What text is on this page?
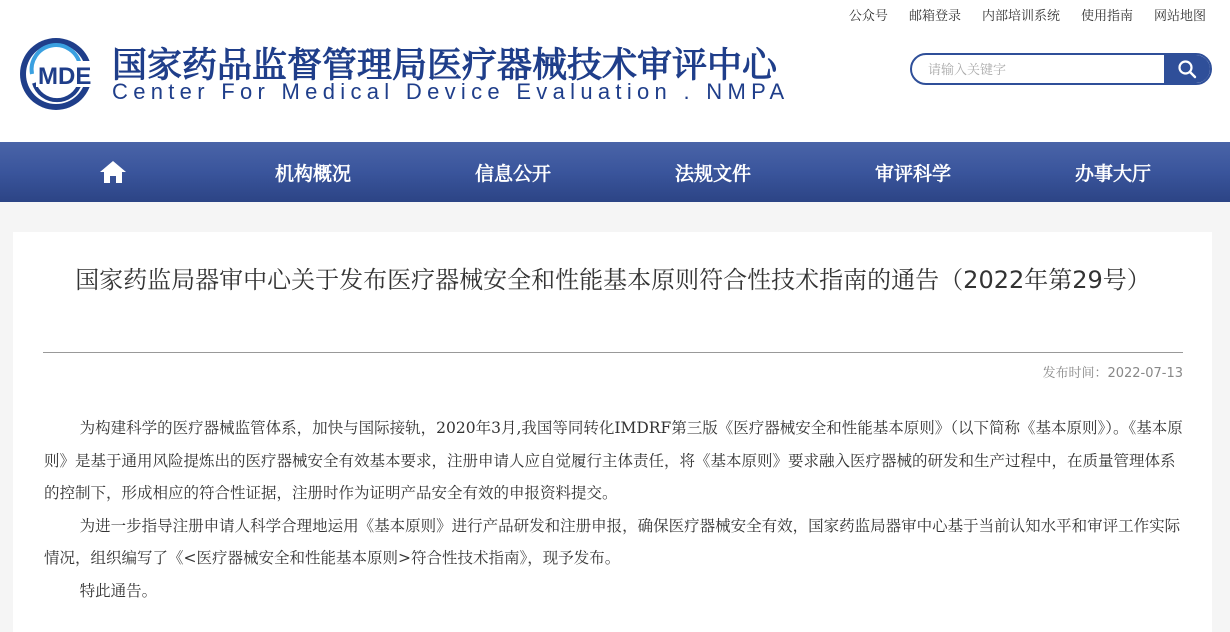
公众号 邮箱登录 内部培训系统 使用指南 网站地图
MDE 国家药品监督管理局医疗器械技术审评中心
Center For Medical Device Evaluation . NMPA
请输入关键字
机构概况	信息公开	法规文件	审评科学	办事大厅
国家药监局器审中心关于发布医疗器械安全和性能基本原则符合性技术指南的通告（2022年第29号）
发布时间：2022-07-13

为构建科学的医疗器械监管体系，加快与国际接轨，2020年3月,我国等同转化IMDRF第三版《医疗器械安全和性能基本原则》（以下简称《基本原则》）。《基本原则》是基于通用风险提炼出的医疗器械安全有效基本要求，注册申请人应自觉履行主体责任，将《基本原则》要求融入医疗器械的研发和生产过程中，在质量管理体系的控制下，形成相应的符合性证据，注册时作为证明产品安全有效的申报资料提交。

为进一步指导注册申请人科学合理地运用《基本原则》进行产品研发和注册申报，确保医疗器械安全有效，国家药监局器审中心基于当前认知水平和审评工作实际情况，组织编写了《<医疗器械安全和性能基本原则>符合性技术指南》，现予发布。

特此通告。
